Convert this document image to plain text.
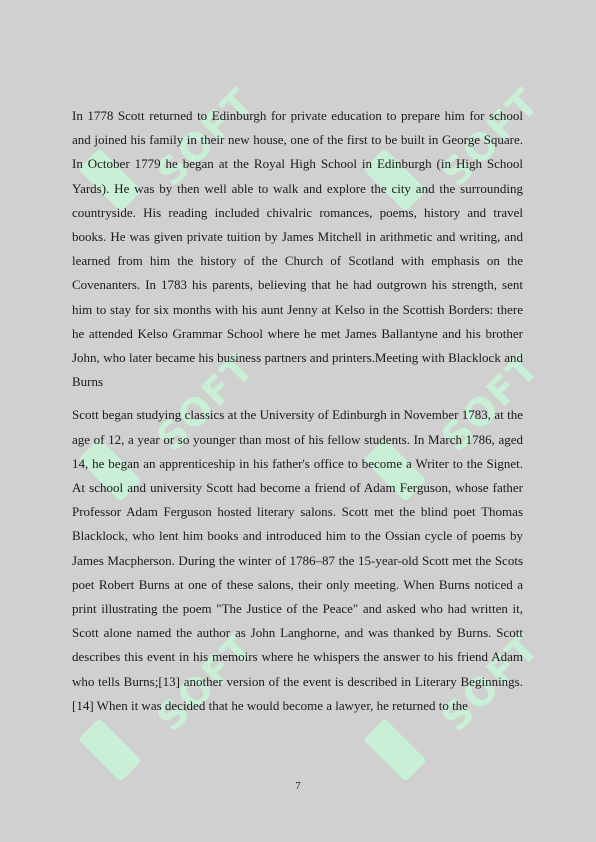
SOFT	SOFT
SOFT	SOFT
SOFT	SOFT

In 1778 Scott returned to Edinburgh for private education to prepare him for school and joined his family in their new house, one of the first to be built in George Square. In October 1779 he began at the Royal High School in Edinburgh (in High School Yards). He was by then well able to walk and explore the city and the surrounding countryside. His reading included chivalric romances, poems, history and travel books. He was given private tuition by James Mitchell in arithmetic and writing, and learned from him the history of the Church of Scotland with emphasis on the Covenanters. In 1783 his parents, believing that he had outgrown his strength, sent him to stay for six months with his aunt Jenny at Kelso in the Scottish Borders: there he attended Kelso Grammar School where he met James Ballantyne and his brother John, who later became his business partners and printers.Meeting with Blacklock and Burns

Scott began studying classics at the University of Edinburgh in November 1783, at the age of 12, a year or so younger than most of his fellow students. In March 1786, aged 14, he began an apprenticeship in his father's office to become a Writer to the Signet. At school and university Scott had become a friend of Adam Ferguson, whose father Professor Adam Ferguson hosted literary salons. Scott met the blind poet Thomas Blacklock, who lent him books and introduced him to the Ossian cycle of poems by James Macpherson. During the winter of 1786–87 the 15-year-old Scott met the Scots poet Robert Burns at one of these salons, their only meeting. When Burns noticed a print illustrating the poem "The Justice of the Peace" and asked who had written it, Scott alone named the author as John Langhorne, and was thanked by Burns. Scott describes this event in his memoirs where he whispers the answer to his friend Adam who tells Burns;[13] another version of the event is described in Literary Beginnings.[14] When it was decided that he would become a lawyer, he returned to the

7
